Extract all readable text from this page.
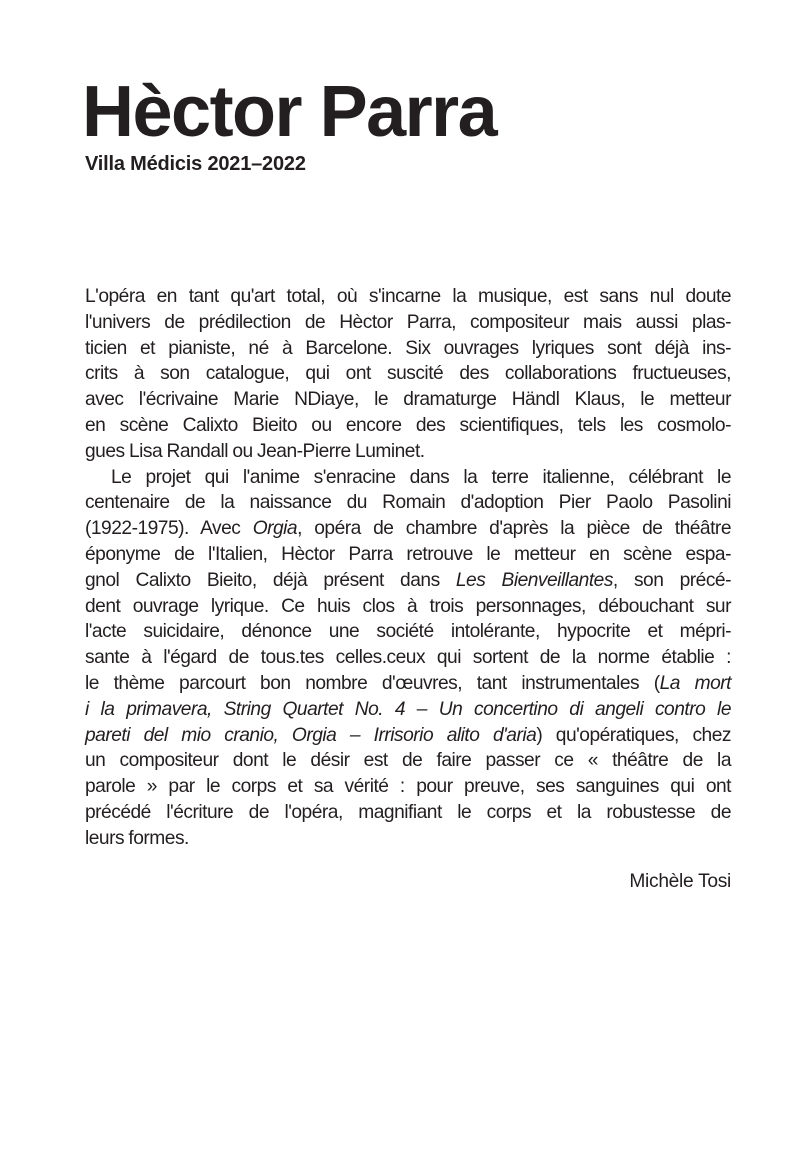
Hèctor Parra
Villa Médicis 2021–2022
L'opéra en tant qu'art total, où s'incarne la musique, est sans nul doute
l'univers de prédilection de Hèctor Parra, compositeur mais aussi plas-
ticien et pianiste, né à Barcelone. Six ouvrages lyriques sont déjà ins-
crits à son catalogue, qui ont suscité des collaborations fructueuses,
avec l'écrivaine Marie NDiaye, le dramaturge Händl Klaus, le metteur
en scène Calixto Bieito ou encore des scientifiques, tels les cosmolo-
gues Lisa Randall ou Jean-Pierre Luminet.
Le projet qui l'anime s'enracine dans la terre italienne, célébrant le
centenaire de la naissance du Romain d'adoption Pier Paolo Pasolini
(1922-1975). Avec Orgia, opéra de chambre d'après la pièce de théâtre
éponyme de l'Italien, Hèctor Parra retrouve le metteur en scène espa-
gnol Calixto Bieito, déjà présent dans Les Bienveillantes, son précé-
dent ouvrage lyrique. Ce huis clos à trois personnages, débouchant sur
l'acte suicidaire, dénonce une société intolérante, hypocrite et mépri-
sante à l'égard de tous.tes celles.ceux qui sortent de la norme établie :
le thème parcourt bon nombre d'œuvres, tant instrumentales (La mort
i la primavera, String Quartet No. 4 – Un concertino di angeli contro le
pareti del mio cranio, Orgia – Irrisorio alito d'aria) qu'opératiques, chez
un compositeur dont le désir est de faire passer ce « théâtre de la
parole » par le corps et sa vérité : pour preuve, ses sanguines qui ont
précédé l'écriture de l'opéra, magnifiant le corps et la robustesse de
leurs formes.
Michèle Tosi
